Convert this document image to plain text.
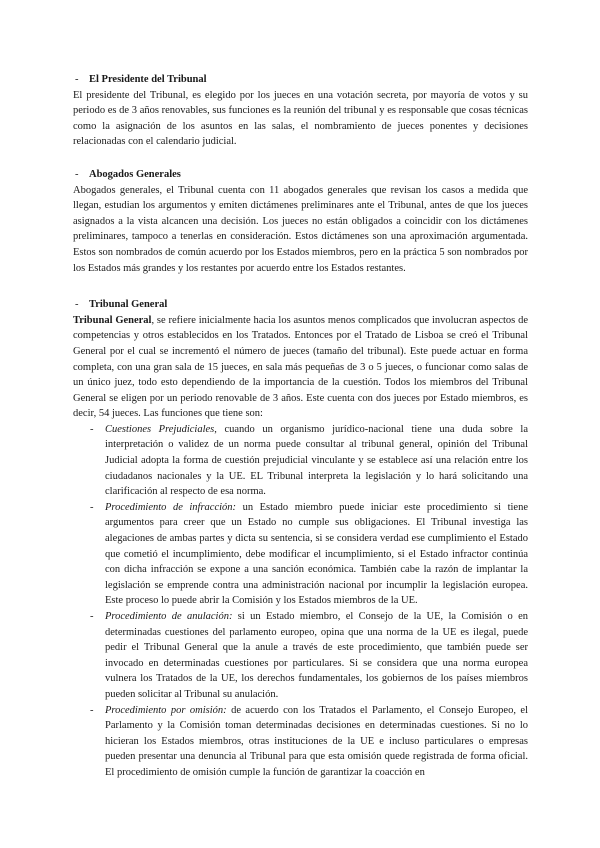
- El Presidente del Tribunal

El presidente del Tribunal, es elegido por los jueces en una votación secreta, por mayoría de votos y su periodo es de 3 años renovables, sus funciones es la reunión del tribunal y es responsable que cosas técnicas como la asignación de los asuntos en las salas, el nombramiento de jueces ponentes y decisiones relacionadas con el calendario judicial.

- Abogados Generales

Abogados generales, el Tribunal cuenta con 11 abogados generales que revisan los casos a medida que llegan, estudian los argumentos y emiten dictámenes preliminares ante el Tribunal, antes de que los jueces asignados a la vista alcancen una decisión. Los jueces no están obligados a coincidir con los dictámenes preliminares, tampoco a tenerlas en consideración. Estos dictámenes son una aproximación argumentada. Estos son nombrados de común acuerdo por los Estados miembros, pero en la práctica 5 son nombrados por los Estados más grandes y los restantes por acuerdo entre los Estados restantes.

- Tribunal General

Tribunal General, se refiere inicialmente hacia los asuntos menos complicados que involucran aspectos de competencias y otros establecidos en los Tratados. Entonces por el Tratado de Lisboa se creó el Tribunal General por el cual se incrementó el número de jueces (tamaño del tribunal). Este puede actuar en forma completa, con una gran sala de 15 jueces, en sala más pequeñas de 3 o 5 jueces, o funcionar como salas de un único juez, todo esto dependiendo de la importancia de la cuestión. Todos los miembros del Tribunal General se eligen por un periodo renovable de 3 años. Este cuenta con dos jueces por Estado miembros, es decir, 54 jueces. Las funciones que tiene son:

- Cuestiones Prejudiciales, cuando un organismo jurídico-nacional tiene una duda sobre la interpretación o validez de un norma puede consultar al tribunal general, opinión del Tribunal Judicial adopta la forma de cuestión prejudicial vinculante y se establece así una relación entre los ciudadanos nacionales y la UE. EL Tribunal interpreta la legislación y lo hará solicitando una clarificación al respecto de esa norma.
- Procedimiento de infracción: un Estado miembro puede iniciar este procedimiento si tiene argumentos para creer que un Estado no cumple sus obligaciones. El Tribunal investiga las alegaciones de ambas partes y dicta su sentencia, si se considera verdad ese cumplimiento el Estado que cometió el incumplimiento, debe modificar el incumplimiento, si el Estado infractor continúa con dicha infracción se expone a una sanción económica. También cabe la razón de implantar la legislación se emprende contra una administración nacional por incumplir la legislación europea. Este proceso lo puede abrir la Comisión y los Estados miembros de la UE.
- Procedimiento de anulación: si un Estado miembro, el Consejo de la UE, la Comisión o en determinadas cuestiones del parlamento europeo, opina que una norma de la UE es ilegal, puede pedir el Tribunal General que la anule a través de este procedimiento, que también puede ser invocado en determinadas cuestiones por particulares. Si se considera que una norma europea vulnera los Tratados de la UE, los derechos fundamentales, los gobiernos de los países miembros pueden solicitar al Tribunal su anulación.
- Procedimiento por omisión: de acuerdo con los Tratados el Parlamento, el Consejo Europeo, el Parlamento y la Comisión toman determinadas decisiones en determinadas cuestiones. Si no lo hicieran los Estados miembros, otras instituciones de la UE e incluso particulares o empresas pueden presentar una denuncia al Tribunal para que esta omisión quede registrada de forma oficial. El procedimiento de omisión cumple la función de garantizar la coacción en
